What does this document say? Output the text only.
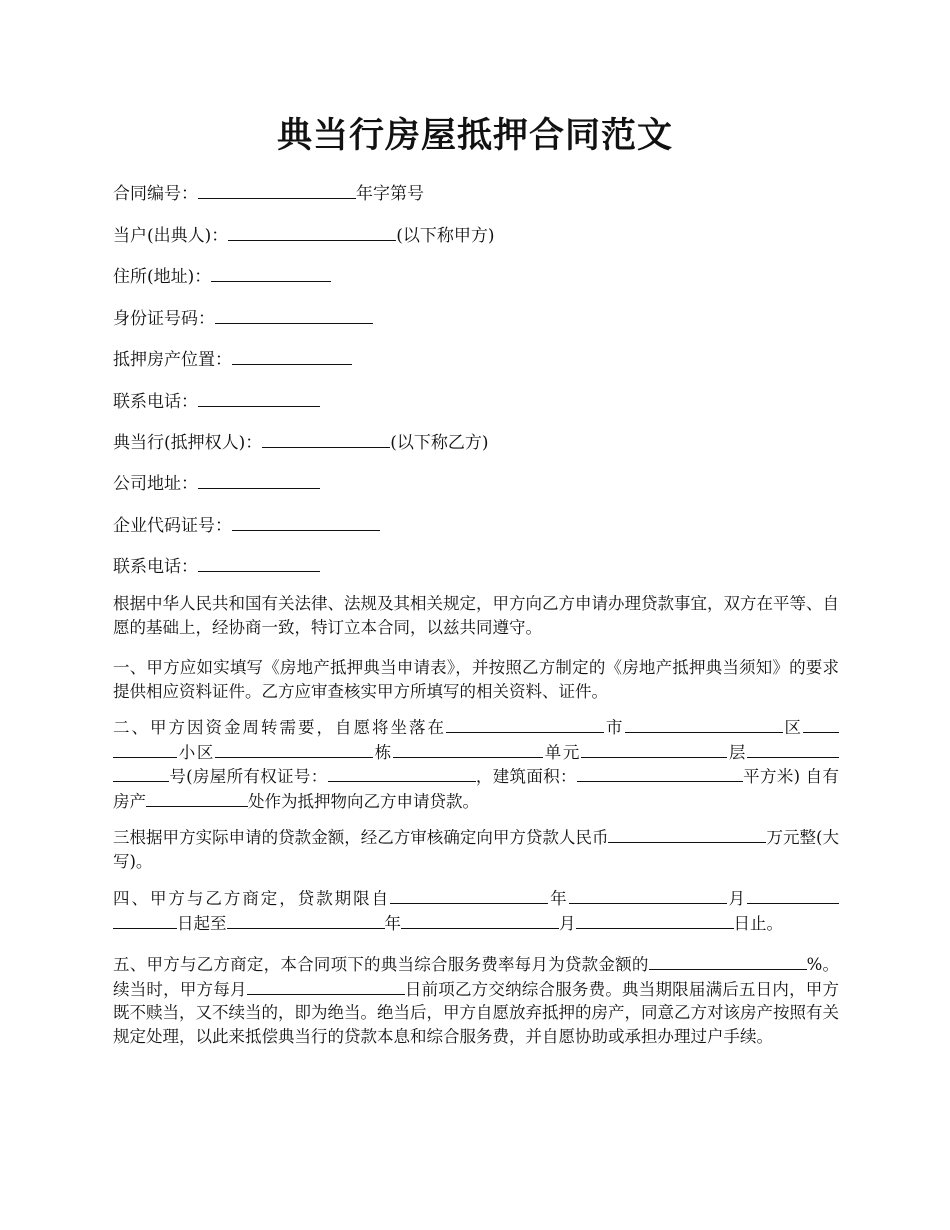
典当行房屋抵押合同范文
合同编号：	年字第号
当户(出典人)：	(以下称甲方)
住所(地址)：
身份证号码：
抵押房产位置：
联系电话：
典当行(抵押权人)：	(以下称乙方)
公司地址：
企业代码证号：
联系电话：

根据中华人民共和国有关法律、法规及其相关规定，甲方向乙方申请办理贷款事宜，双方在平等、自愿的基础上，经协商一致，特订立本合同，以兹共同遵守。

一、甲方应如实填写《房地产抵押典当申请表》，并按照乙方制定的《房地产抵押典当须知》的要求提供相应资料证件。乙方应审查核实甲方所填写的相关资料、证件。

二、甲方因资金周转需要，自愿将坐落在	市	区小区	栋	单元	层号(房屋所有权证号：	，建筑面积：	平方米) 自有房产	处作为抵押物向乙方申请贷款。

三根据甲方实际申请的贷款金额，经乙方审核确定向甲方贷款人民币	万元整(大写)。

四、甲方与乙方商定，贷款期限自	年	月日起至	年	月	日止。

五、甲方与乙方商定，本合同项下的典当综合服务费率每月为贷款金额的	%。续当时，甲方每月	日前项乙方交纳综合服务费。典当期限届满后五日内，甲方既不赎当，又不续当的，即为绝当。绝当后，甲方自愿放弃抵押的房产，同意乙方对该房产按照有关规定处理，以此来抵偿典当行的贷款本息和综合服务费，并自愿协助或承担办理过户手续。
